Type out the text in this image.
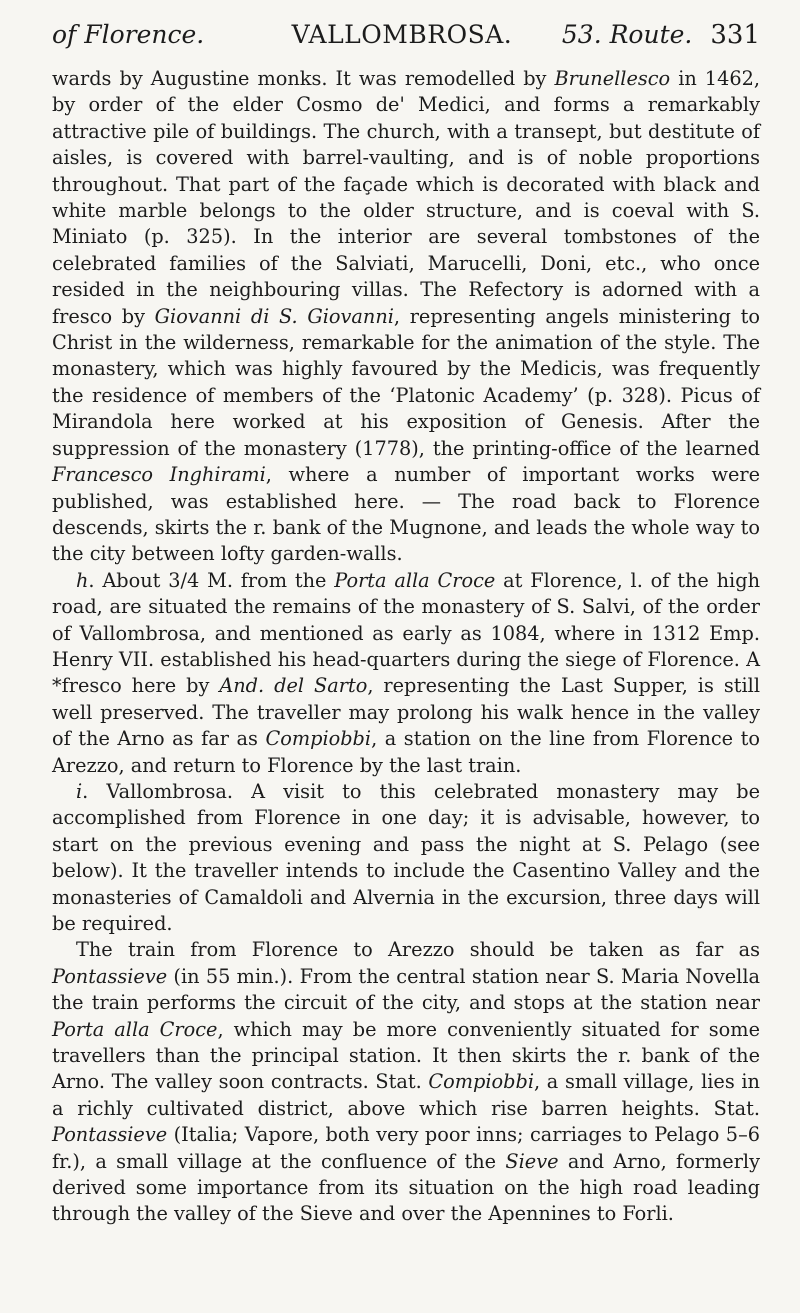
of Florence.	VALLOMBROSA.	53. Route. 331

wards by Augustine monks. It was remodelled by Brunellesco in 1462, by order of the elder Cosmo de' Medici, and forms a remarkably attractive pile of buildings. The church, with a transept, but destitute of aisles, is covered with barrel-vaulting, and is of noble proportions throughout. That part of the façade which is decorated with black and white marble belongs to the older structure, and is coeval with S. Miniato (p. 325). In the interior are several tombstones of the celebrated families of the Salviati, Marucelli, Doni, etc., who once resided in the neighbouring villas. The Refectory is adorned with a fresco by Giovanni di S. Giovanni, representing angels ministering to Christ in the wilderness, remarkable for the animation of the style. The monastery, which was highly favoured by the Medicis, was frequently the residence of members of the ‘Platonic Academy’ (p. 328). Picus of Mirandola here worked at his exposition of Genesis. After the suppression of the monastery (1778), the printing-office of the learned Francesco Inghirami, where a number of important works were published, was established here. — The road back to Florence descends, skirts the r. bank of the Mugnone, and leads the whole way to the city between lofty garden-walls.

h. About 3/4 M. from the Porta alla Croce at Florence, l. of the high road, are situated the remains of the monastery of S. Salvi, of the order of Vallombrosa, and mentioned as early as 1084, where in 1312 Emp. Henry VII. established his head-quarters during the siege of Florence. A *fresco here by And. del Sarto, representing the Last Supper, is still well preserved. The traveller may prolong his walk hence in the valley of the Arno as far as Compiobbi, a station on the line from Florence to Arezzo, and return to Florence by the last train.

i. Vallombrosa. A visit to this celebrated monastery may be accomplished from Florence in one day; it is advisable, however, to start on the previous evening and pass the night at S. Pelago (see below). It the traveller intends to include the Casentino Valley and the monasteries of Camaldoli and Alvernia in the excursion, three days will be required.

The train from Florence to Arezzo should be taken as far as Pontassieve (in 55 min.). From the central station near S. Maria Novella the train performs the circuit of the city, and stops at the station near Porta alla Croce, which may be more conveniently situated for some travellers than the principal station. It then skirts the r. bank of the Arno. The valley soon contracts. Stat. Compiobbi, a small village, lies in a richly cultivated district, above which rise barren heights. Stat. Pontassieve (Italia; Vapore, both very poor inns; carriages to Pelago 5–6 fr.), a small village at the confluence of the Sieve and Arno, formerly derived some importance from its situation on the high road leading through the valley of the Sieve and over the Apennines to Forli.
